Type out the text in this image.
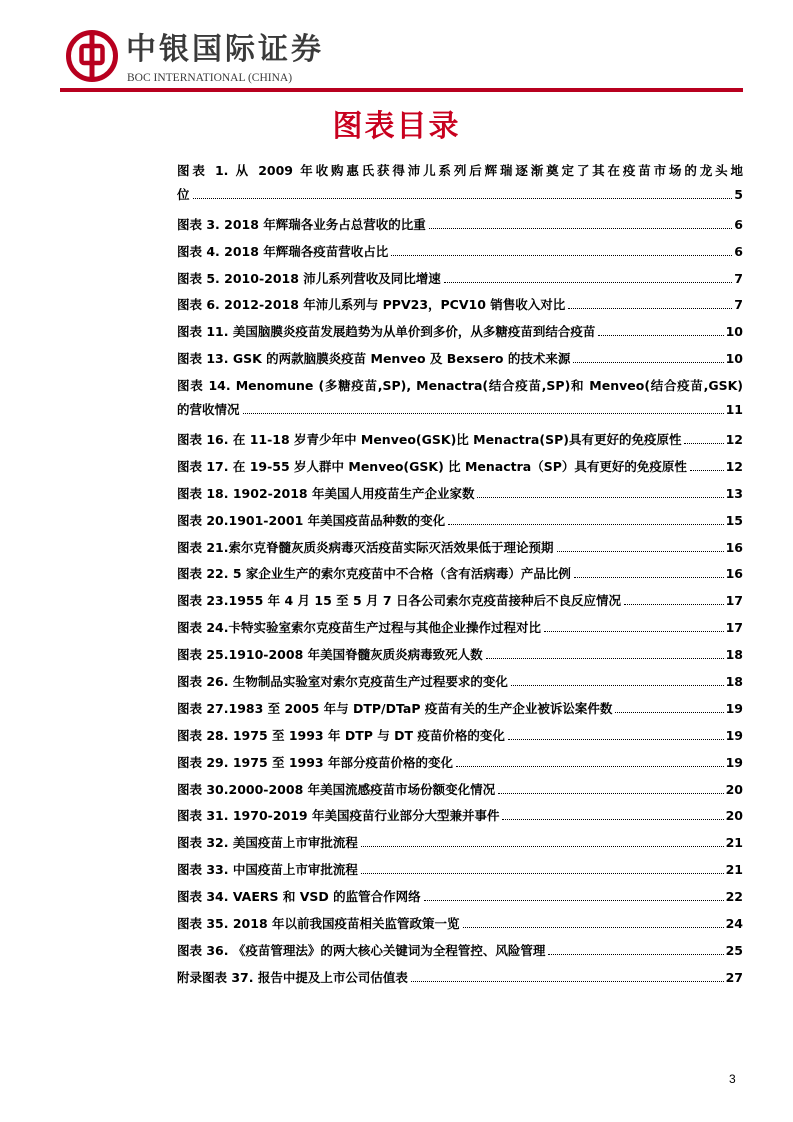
中银国际证券
BOC INTERNATIONAL (CHINA)
图表目录
图表 1. 从 2009 年收购惠氏获得沛儿系列后辉瑞逐渐奠定了其在疫苗市场的龙头地
位	5
图表 3. 2018 年辉瑞各业务占总营收的比重	6
图表 4. 2018 年辉瑞各疫苗营收占比	6
图表 5. 2010-2018 沛儿系列营收及同比增速	7
图表 6. 2012-2018 年沛儿系列与 PPV23，PCV10 销售收入对比	7
图表 11. 美国脑膜炎疫苗发展趋势为从单价到多价，从多糖疫苗到结合疫苗	10
图表 13. GSK 的两款脑膜炎疫苗 Menveo 及 Bexsero 的技术来源	10
图表 14. Menomune (多糖疫苗,SP), Menactra(结合疫苗,SP)和 Menveo(结合疫苗,GSK)
的营收情况	11
图表 16. 在 11-18 岁青少年中 Menveo(GSK)比 Menactra(SP)具有更好的免疫原性	12
图表 17. 在 19-55 岁人群中 Menveo(GSK) 比 Menactra（SP）具有更好的免疫原性	12
图表 18. 1902-2018 年美国人用疫苗生产企业家数	13
图表 20.1901-2001 年美国疫苗品种数的变化	15
图表 21.索尔克脊髓灰质炎病毒灭活疫苗实际灭活效果低于理论预期	16
图表 22. 5 家企业生产的索尔克疫苗中不合格（含有活病毒）产品比例	16
图表 23.1955 年 4 月 15 至 5 月 7 日各公司索尔克疫苗接种后不良反应情况	17
图表 24.卡特实验室索尔克疫苗生产过程与其他企业操作过程对比	17
图表 25.1910-2008 年美国脊髓灰质炎病毒致死人数	18
图表 26. 生物制品实验室对索尔克疫苗生产过程要求的变化	18
图表 27.1983 至 2005 年与 DTP/DTaP 疫苗有关的生产企业被诉讼案件数	19
图表 28. 1975 至 1993 年 DTP 与 DT 疫苗价格的变化	19
图表 29. 1975 至 1993 年部分疫苗价格的变化	19
图表 30.2000-2008 年美国流感疫苗市场份额变化情况	20
图表 31. 1970-2019 年美国疫苗行业部分大型兼并事件	20
图表 32. 美国疫苗上市审批流程	21
图表 33. 中国疫苗上市审批流程	21
图表 34. VAERS 和 VSD 的监管合作网络	22
图表 35. 2018 年以前我国疫苗相关监管政策一览	24
图表 36. 《疫苗管理法》的两大核心关键词为全程管控、风险管理	25
附录图表 37. 报告中提及上市公司估值表	27
3
